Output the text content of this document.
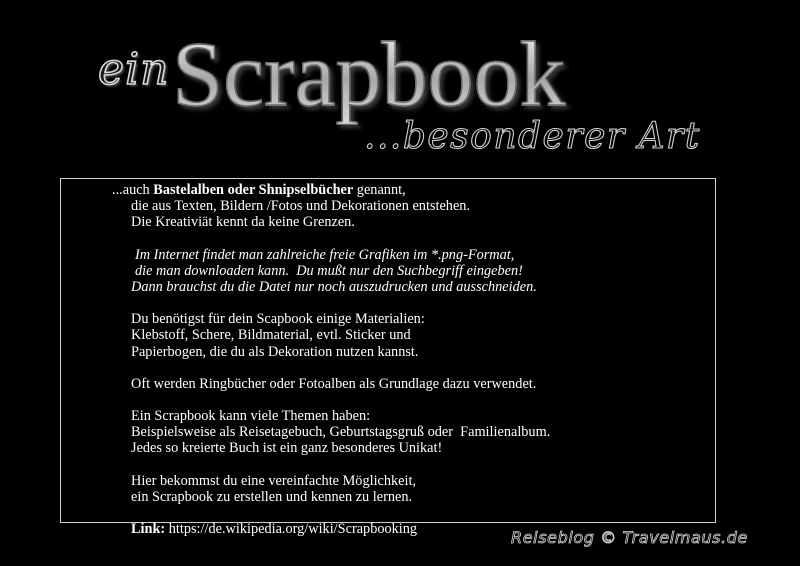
ein Scrapbook
...besonderer Art
...auch Bastelalben oder Shnipselbücher genannt,
die aus Texten, Bildern /Fotos und Dekorationen entstehen.
Die Kreativiät kennt da keine Grenzen.
Im Internet findet man zahlreiche freie Grafiken im *.png-Format,
die man downloaden kann.  Du mußt nur den Suchbegriff eingeben!
Dann brauchst du die Datei nur noch auszudrucken und ausschneiden.
Du benötigst für dein Scapbook einige Materialien:
Klebstoff, Schere, Bildmaterial, evtl. Sticker und
Papierbogen, die du als Dekoration nutzen kannst.
Oft werden Ringbücher oder Fotoalben als Grundlage dazu verwendet.
Ein Scrapbook kann viele Themen haben:
Beispielsweise als Reisetagebuch, Geburtstagsgruß oder  Familienalbum.
Jedes so kreierte Buch ist ein ganz besonderes Unikat!
Hier bekommst du eine vereinfachte Möglichkeit,
ein Scrapbook zu erstellen und kennen zu lernen.
Link: https://de.wikipedia.org/wiki/Scrapbooking	Reiseblog © Travelmaus.de
